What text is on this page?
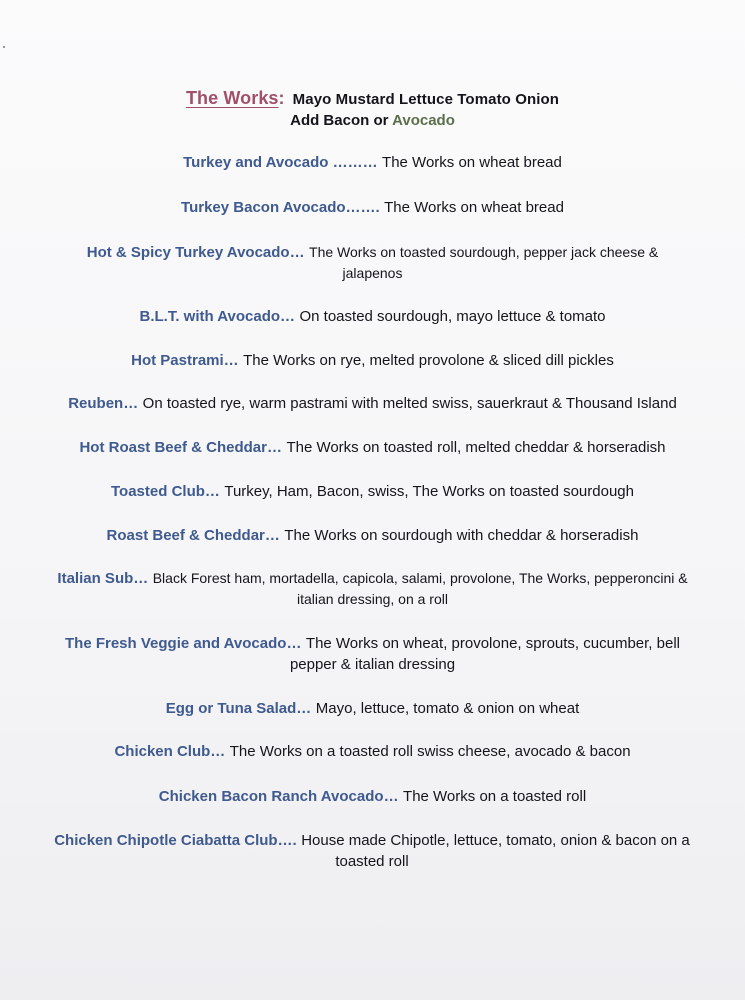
The Works: Mayo Mustard Lettuce Tomato Onion
Add Bacon or Avocado
Turkey and Avocado ……… The Works on wheat bread
Turkey Bacon Avocado……. The Works on wheat bread
Hot & Spicy Turkey Avocado… The Works on toasted sourdough, pepper jack cheese & jalapenos
B.L.T. with Avocado… On toasted sourdough, mayo lettuce & tomato
Hot Pastrami… The Works on rye, melted provolone & sliced dill pickles
Reuben… On toasted rye, warm pastrami with melted swiss, sauerkraut & Thousand Island
Hot Roast Beef & Cheddar… The Works on toasted roll, melted cheddar & horseradish
Toasted Club… Turkey, Ham, Bacon, swiss, The Works on toasted sourdough
Roast Beef & Cheddar… The Works on sourdough with cheddar & horseradish
Italian Sub… Black Forest ham, mortadella, capicola, salami, provolone, The Works, pepperoncini & italian dressing, on a roll
The Fresh Veggie and Avocado… The Works on wheat, provolone, sprouts, cucumber, bell pepper & italian dressing
Egg or Tuna Salad… Mayo, lettuce, tomato & onion on wheat
Chicken Club… The Works on a toasted roll swiss cheese, avocado & bacon
Chicken Bacon Ranch Avocado… The Works on a toasted roll
Chicken Chipotle Ciabatta Club…. House made Chipotle, lettuce, tomato, onion & bacon on a toasted roll
